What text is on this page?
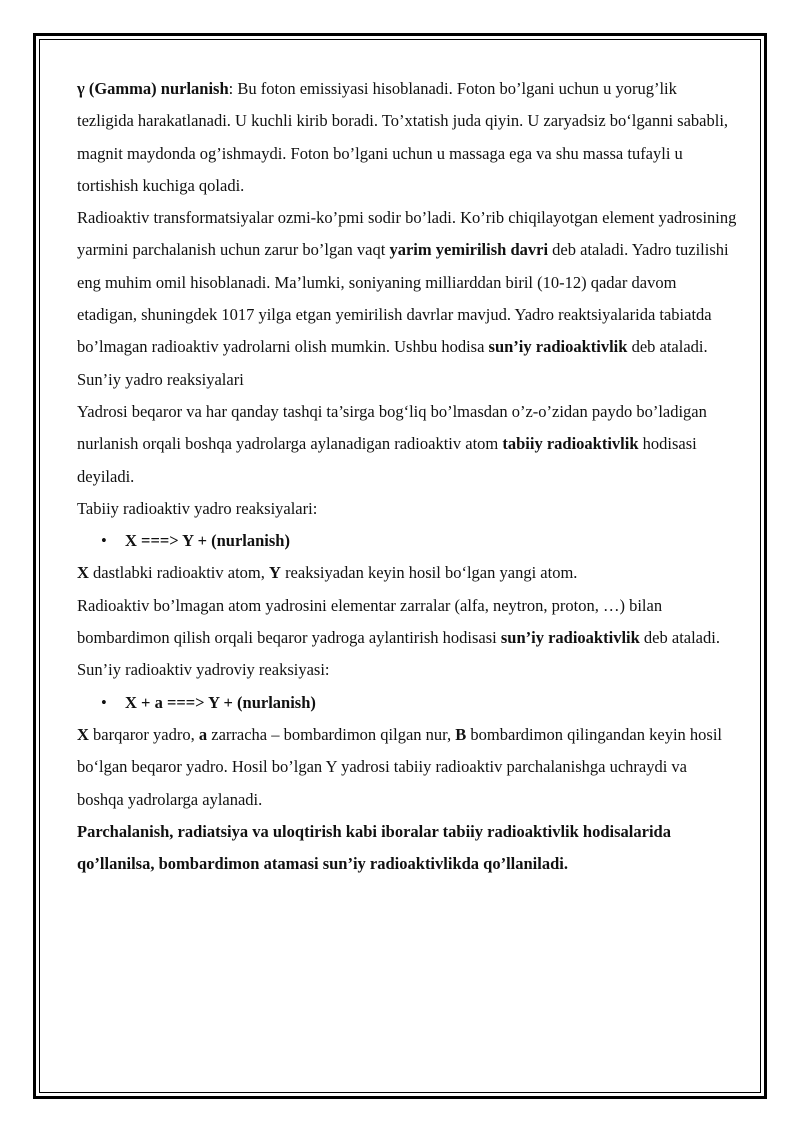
γ (Gamma) nurlanish: Bu foton emissiyasi hisoblanadi. Foton bo’lgani uchun u yorug’lik tezligida harakatlanadi. U kuchli kirib boradi. To’xtatish juda qiyin. U zaryadsiz bo‘lganni sababli, magnit maydonda og’ishmaydi. Foton bo’lgani uchun u massaga ega va shu massa tufayli u tortishish kuchiga qoladi.

Radioaktiv transformatsiyalar ozmi-ko’pmi sodir bo’ladi. Ko’rib chiqilayotgan element yadrosining yarmini parchalanish uchun zarur bo’lgan vaqt yarim yemirilish davri deb ataladi. Yadro tuzilishi eng muhim omil hisoblanadi. Ma’lumki, soniyaning milliarddan biril (10-12) qadar davom etadigan, shuningdek 1017 yilga etgan yemirilish davrlar mavjud. Yadro reaktsiyalarida tabiatda bo’lmagan radioaktiv yadrolarni olish mumkin. Ushbu hodisa sun’iy radioaktivlik deb ataladi.

Sun’iy yadro reaksiyalari

Yadrosi beqaror va har qanday tashqi ta’sirga bog‘liq bo’lmasdan o’z-o’zidan paydo bo’ladigan nurlanish orqali boshqa yadrolarga aylanadigan radioaktiv atom tabiiy radioaktivlik hodisasi deyiladi.

Tabiiy radioaktiv yadro reaksiyalari:

• X ===> Y + (nurlanish)

X dastlabki radioaktiv atom, Y reaksiyadan keyin hosil bo‘lgan yangi atom.

Radioaktiv bo’lmagan atom yadrosini elementar zarralar (alfa, neytron, proton, …) bilan bombardimon qilish orqali beqaror yadroga aylantirish hodisasi sun’iy radioaktivlik deb ataladi.

Sun’iy radioaktiv yadroviy reaksiyasi:

• X + a ===> Y + (nurlanish)

X barqaror yadro, a zarracha – bombardimon qilgan nur, B bombardimon qilingandan keyin hosil bo‘lgan beqaror yadro. Hosil bo’lgan Y yadrosi tabiiy radioaktiv parchalanishga uchraydi va boshqa yadrolarga aylanadi.

Parchalanish, radiatsiya va uloqtirish kabi iboralar tabiiy radioaktivlik hodisalarida qo’llanilsa, bombardimon atamasi sun’iy radioaktivlikda qo’llaniladi.
